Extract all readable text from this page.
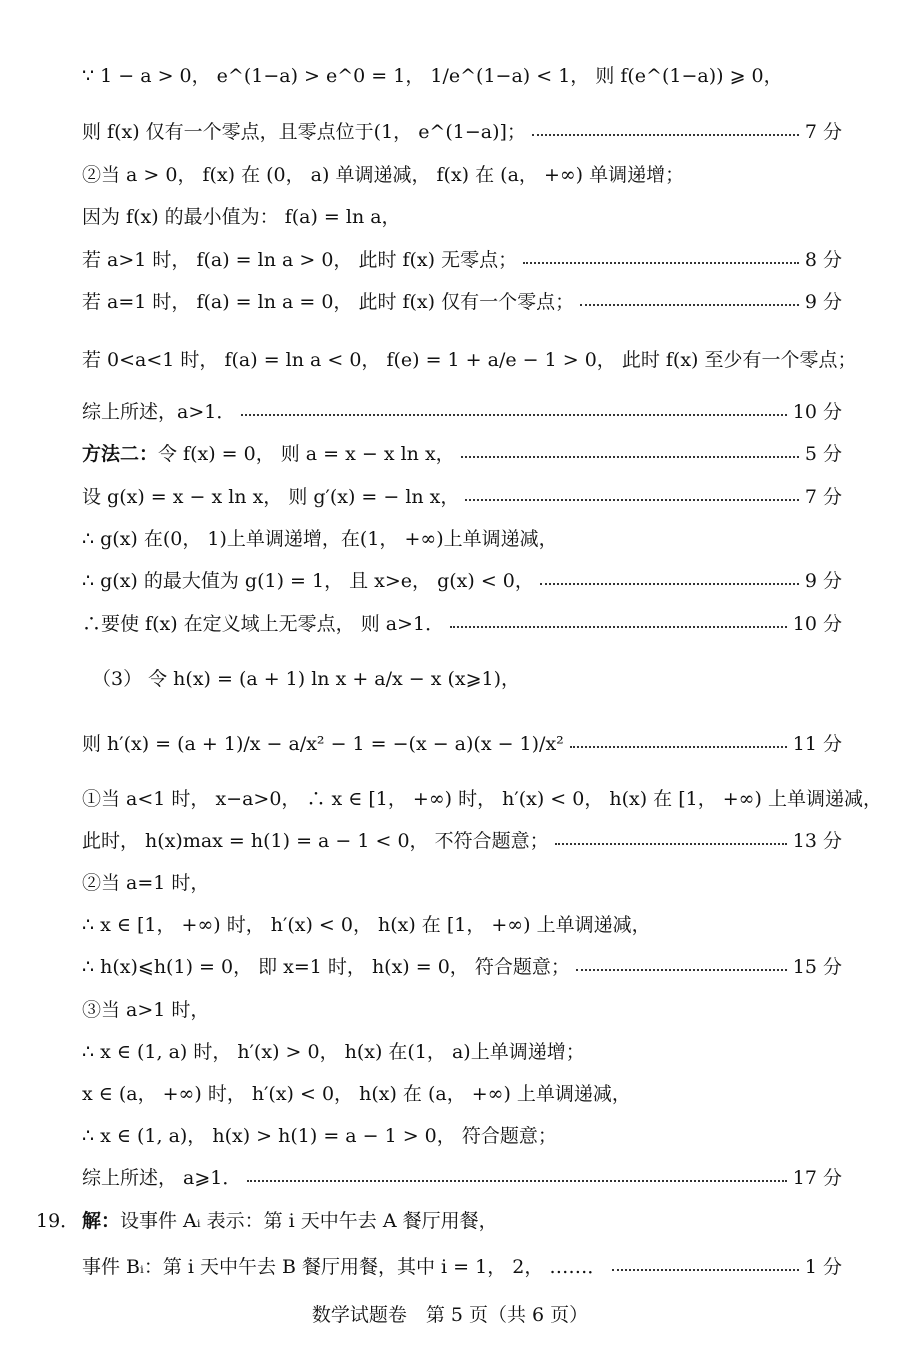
∵ 1 − a > 0， e^(1−a) > e^0 = 1， 1/e^(1−a) < 1， 则 f(e^(1−a)) ⩾ 0，
则 f(x) 仅有一个零点，且零点位于(1， e^(1−a)]；	7 分
②当 a > 0， f(x) 在 (0， a) 单调递减， f(x) 在 (a， +∞) 单调递增；
因为 f(x) 的最小值为： f(a) = ln a，
若 a>1 时， f(a) = ln a > 0， 此时 f(x) 无零点；	8 分
若 a=1 时， f(a) = ln a = 0， 此时 f(x) 仅有一个零点；	9 分
若 0<a<1 时， f(a) = ln a < 0， f(e) = 1 + a/e − 1 > 0， 此时 f(x) 至少有一个零点；
综上所述，a>1．	10 分
方法二：令 f(x) = 0， 则 a = x − x ln x，	5 分
设 g(x) = x − x ln x， 则 g′(x) = − ln x，	7 分
∴ g(x) 在(0， 1)上单调递增，在(1， +∞)上单调递减，
∴ g(x) 的最大值为 g(1) = 1， 且 x>e， g(x) < 0，	9 分
∴要使 f(x) 在定义域上无零点， 则 a>1．	10 分
（3） 令 h(x) = (a + 1) ln x + a/x − x (x⩾1)，
则 h′(x) = (a + 1)/x − a/x² − 1 = −(x − a)(x − 1)/x²	11 分
①当 a<1 时， x−a>0， ∴ x ∈ [1， +∞) 时， h′(x) < 0， h(x) 在 [1， +∞) 上单调递减，
此时， h(x)max = h(1) = a − 1 < 0， 不符合题意；	13 分
②当 a=1 时，
∴ x ∈ [1， +∞) 时， h′(x) < 0， h(x) 在 [1， +∞) 上单调递减，
∴ h(x)⩽h(1) = 0， 即 x=1 时， h(x) = 0， 符合题意；	15 分
③当 a>1 时，
∴ x ∈ (1, a) 时， h′(x) > 0， h(x) 在(1， a)上单调递增；
x ∈ (a， +∞) 时， h′(x) < 0， h(x) 在 (a， +∞) 上单调递减，
∴ x ∈ (1, a)， h(x) > h(1) = a − 1 > 0， 符合题意；
综上所述， a⩾1．	17 分
19． 解：设事件 Aᵢ 表示：第 i 天中午去 A 餐厅用餐，
事件 Bᵢ：第 i 天中午去 B 餐厅用餐，其中 i = 1， 2， ……．	1 分
数学试题卷　第 5 页（共 6 页）
